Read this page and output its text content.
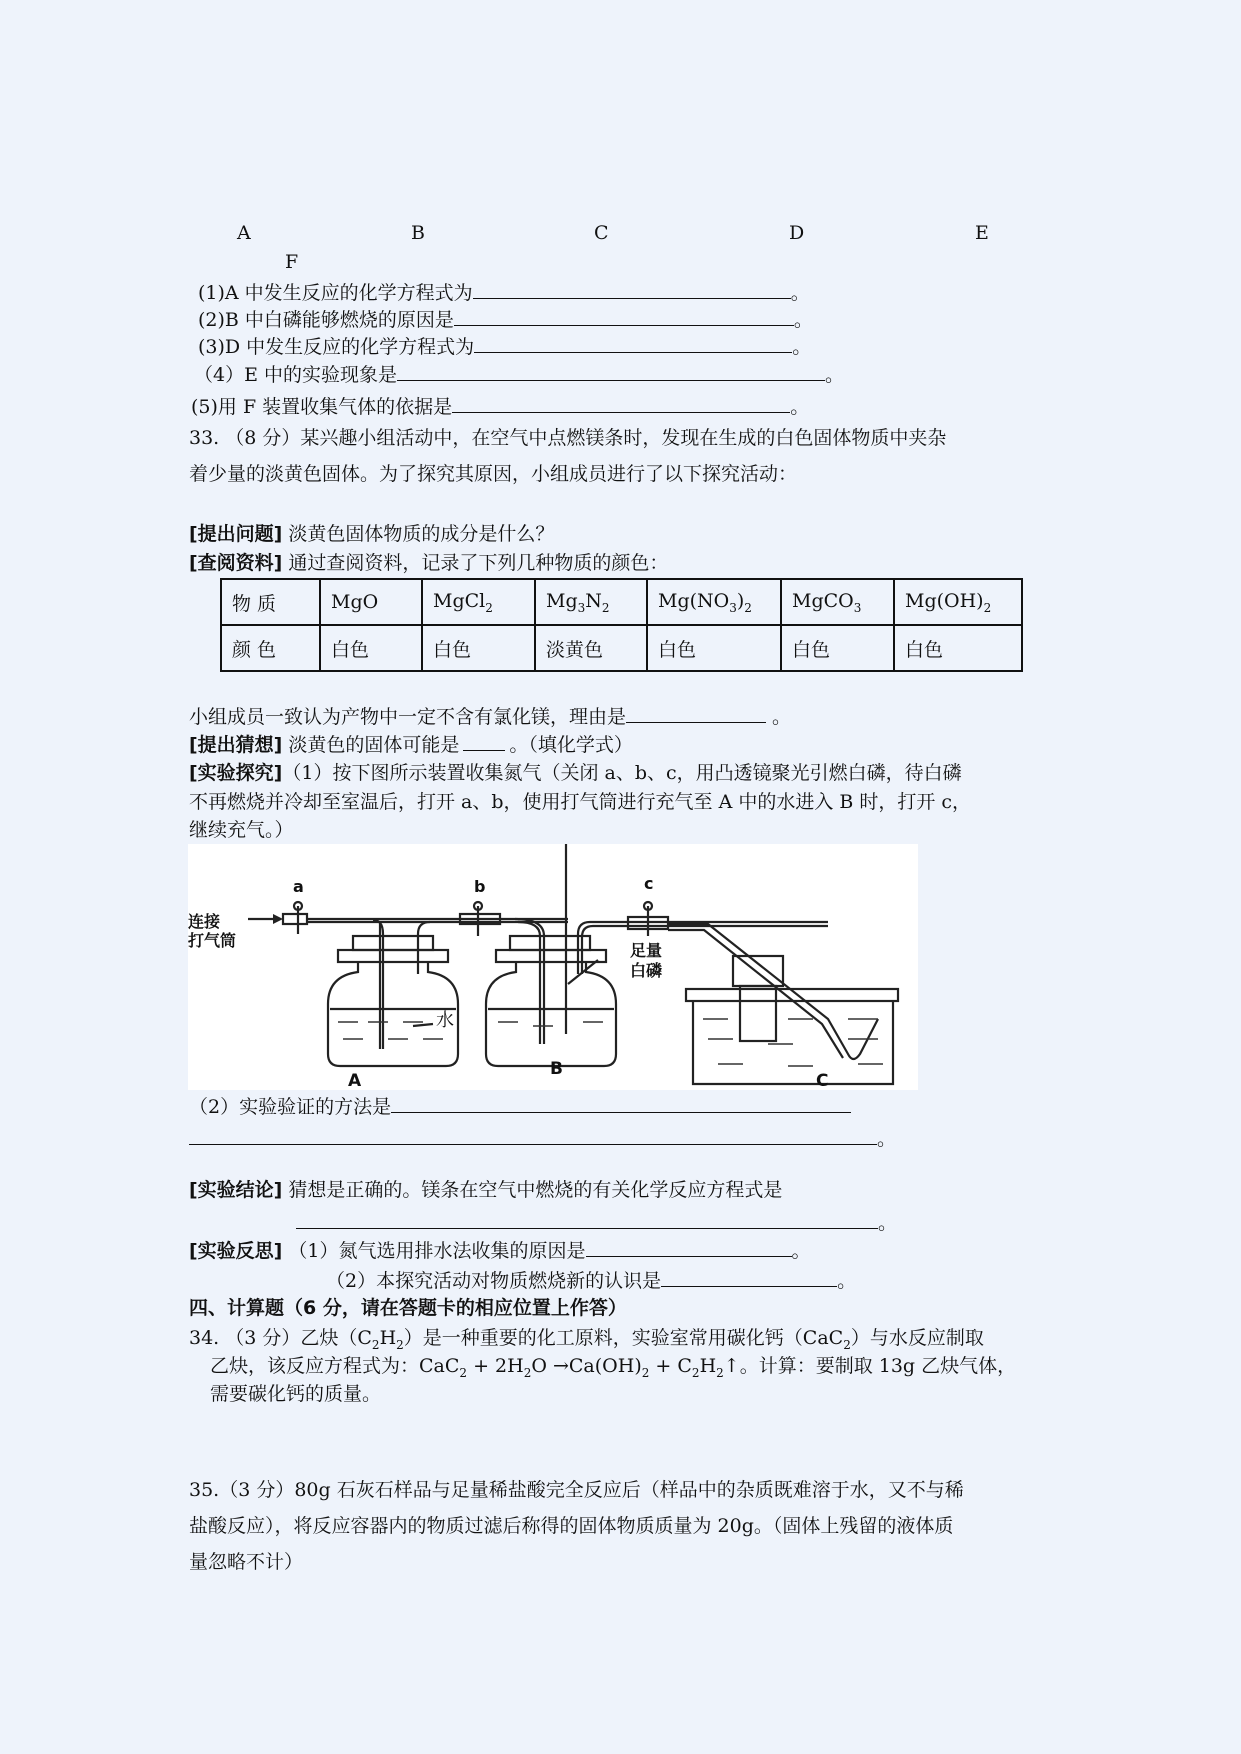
A	B	C	D	E
F
(1)A 中发生反应的化学方程式为	。
(2)B 中白磷能够燃烧的原因是	。
(3)D 中发生反应的化学方程式为	。
（4）E 中的实验现象是	。
(5)用 F 装置收集气体的依据是	。
33. （8 分）某兴趣小组活动中，在空气中点燃镁条时，发现在生成的白色固体物质中夹杂
着少量的淡黄色固体。为了探究其原因，小组成员进行了以下探究活动：
[提出问题] 淡黄色固体物质的成分是什么？
[查阅资料] 通过查阅资料，记录了下列几种物质的颜色：
物 质	MgO	MgCl$_2$	$Mg_3N_2$	$Mg(NO_3)_2$	MgCO$_3$	$Mg(OH)_2$
颜 色	白色	白色	淡黄色	白色	白色	白色
小组成员一致认为产物中一定不含有氯化镁，理由是	。
[提出猜想] 淡黄色的固体可能是	。（填化学式）
[实验探究]（1）按下图所示装置收集氮气（关闭 a、b、c，用凸透镜聚光引燃白磷，待白磷
不再燃烧并冷却至室温后，打开 a、b，使用打气筒进行充气至 A 中的水进入 B 时，打开 c，
继续充气。）
连接
打气筒
a	b	c
足量
白磷
A
B
C
水
（2）实验验证的方法是
。
[实验结论] 猜想是正确的。镁条在空气中燃烧的有关化学反应方程式是
。
[实验反思] （1）氮气选用排水法收集的原因是	。
（2）本探究活动对物质燃烧新的认识是	。
四、计算题（6 分，请在答题卡的相应位置上作答）
34. （3 分）乙炔$(C_2H_2)$是一种重要的化工原料，实验室常用碳化钙（CaC$_2$）与水反应制取
乙炔，该反应方程式为：$CaC_2 + 2H_2O \to Ca(OH)_2$ + $C_2H_2↑$。计算：要制取 13g 乙炔气体，
需要碳化钙的质量。
35.（3 分）80g 石灰石样品与足量稀盐酸完全反应后（样品中的杂质既难溶于水，又不与稀
盐酸反应），将反应容器内的物质过滤后称得的固体物质质量为 20g。（固体上残留的液体质
量忽略不计）
